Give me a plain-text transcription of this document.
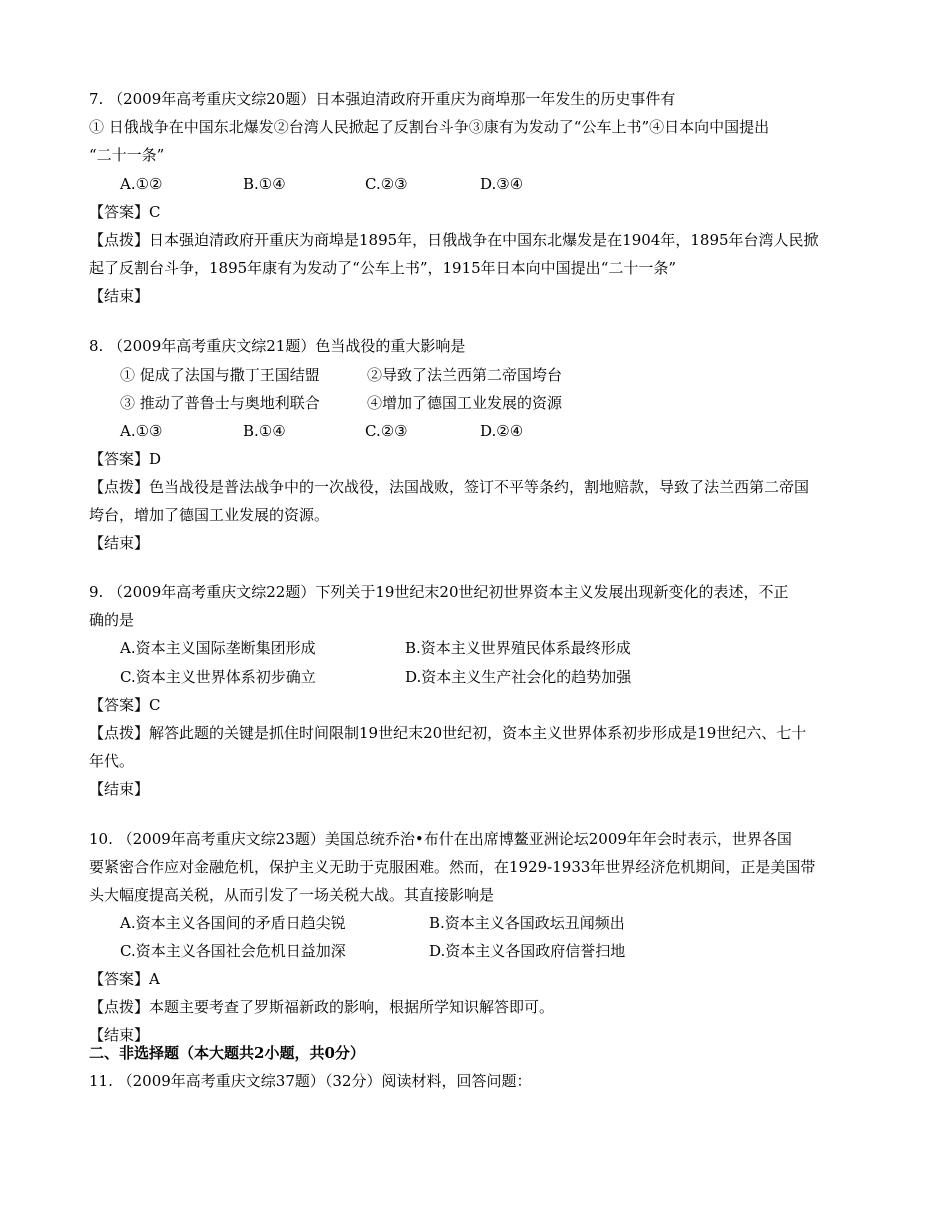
7. （2009年高考重庆文综20题）日本强迫清政府开重庆为商埠那一年发生的历史事件有
① 日俄战争在中国东北爆发②台湾人民掀起了反割台斗争③康有为发动了“公车上书”④日本向中国提出
“二十一条”
A.①②	B.①④	C.②③	D.③④
【答案】C
【点拨】日本强迫清政府开重庆为商埠是1895年，日俄战争在中国东北爆发是在1904年，1895年台湾人民掀
起了反割台斗争，1895年康有为发动了“公车上书”，1915年日本向中国提出“二十一条”
【结束】
8. （2009年高考重庆文综21题）色当战役的重大影响是
① 促成了法国与撒丁王国结盟	②导致了法兰西第二帝国垮台
③ 推动了普鲁士与奥地利联合	④增加了德国工业发展的资源
A.①③	B.①④	C.②③	D.②④
【答案】D
【点拨】色当战役是普法战争中的一次战役，法国战败，签订不平等条约，割地赔款，导致了法兰西第二帝国
垮台，增加了德国工业发展的资源。
【结束】
9. （2009年高考重庆文综22题）下列关于19世纪末20世纪初世界资本主义发展出现新变化的表述，不正
确的是
A.资本主义国际垄断集团形成	B.资本主义世界殖民体系最终形成
C.资本主义世界体系初步确立	D.资本主义生产社会化的趋势加强
【答案】C
【点拨】解答此题的关键是抓住时间限制19世纪末20世纪初，资本主义世界体系初步形成是19世纪六、七十
年代。
【结束】
10. （2009年高考重庆文综23题）美国总统乔治•布什在出席博鳌亚洲论坛2009年年会时表示，世界各国
要紧密合作应对金融危机，保护主义无助于克服困难。然而，在1929-1933年世界经济危机期间，正是美国带
头大幅度提高关税，从而引发了一场关税大战。其直接影响是
A.资本主义各国间的矛盾日趋尖锐	B.资本主义各国政坛丑闻频出
C.资本主义各国社会危机日益加深	D.资本主义各国政府信誉扫地
【答案】A
【点拨】本题主要考查了罗斯福新政的影响，根据所学知识解答即可。
【结束】
二、非选择题（本大题共2小题，共0分）
11. （2009年高考重庆文综37题）（32分）阅读材料，回答问题：
